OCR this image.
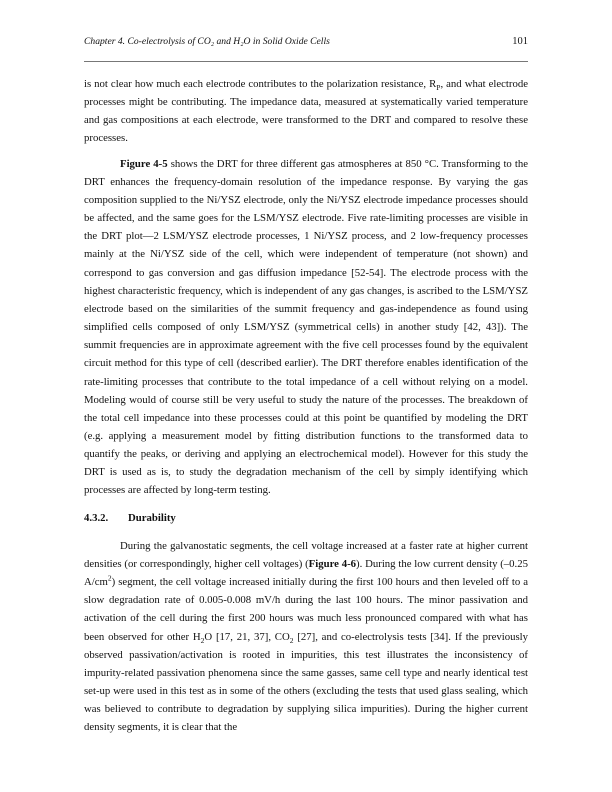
Chapter 4. Co-electrolysis of CO₂ and H₂O in Solid Oxide Cells	101

is not clear how much each electrode contributes to the polarization resistance, $R_P$, and what electrode processes might be contributing. The impedance data, measured at systematically varied temperature and gas compositions at each electrode, were transformed to the DRT and compared to resolve these processes.

Figure 4-5 shows the DRT for three different gas atmospheres at 850 °C. Transforming to the DRT enhances the frequency-domain resolution of the impedance response. By varying the gas composition supplied to the Ni/YSZ electrode, only the Ni/YSZ electrode impedance processes should be affected, and the same goes for the LSM/YSZ electrode. Five rate-limiting processes are visible in the DRT plot—2 LSM/YSZ electrode processes, 1 Ni/YSZ process, and 2 low-frequency processes mainly at the Ni/YSZ side of the cell, which were independent of temperature (not shown) and correspond to gas conversion and gas diffusion impedance [52-54]. The electrode process with the highest characteristic frequency, which is independent of any gas changes, is ascribed to the LSM/YSZ electrode based on the similarities of the summit frequency and gas-independence as found using simplified cells composed of only LSM/YSZ (symmetrical cells) in another study [42, 43]). The summit frequencies are in approximate agreement with the five cell processes found by the equivalent circuit method for this type of cell (described earlier). The DRT therefore enables identification of the rate-limiting processes that contribute to the total impedance of a cell without relying on a model. Modeling would of course still be very useful to study the nature of the processes. The breakdown of the total cell impedance into these processes could at this point be quantified by modeling the DRT (e.g. applying a measurement model by fitting distribution functions to the transformed data to quantify the peaks, or deriving and applying an electrochemical model). However for this study the DRT is used as is, to study the degradation mechanism of the cell by simply identifying which processes are affected by long-term testing.

4.3.2. Durability

During the galvanostatic segments, the cell voltage increased at a faster rate at higher current densities (or correspondingly, higher cell voltages) (Figure 4-6). During the low current density (–0.25 $A/cm^2$) segment, the cell voltage increased initially during the first 100 hours and then leveled off to a slow degradation rate of 0.005-0.008 mV/h during the last 100 hours. The minor passivation and activation of the cell during the first 200 hours was much less pronounced compared with what has been observed for other $H_2O$ [17, 21, 37], $CO_2$ [27], and co-electrolysis tests [34]. If the previously observed passivation/activation is rooted in impurities, this test illustrates the inconsistency of impurity-related passivation phenomena since the same gasses, same cell type and nearly identical test set-up were used in this test as in some of the others (excluding the tests that used glass sealing, which was believed to contribute to degradation by supplying silica impurities). During the higher current density segments, it is clear that the
